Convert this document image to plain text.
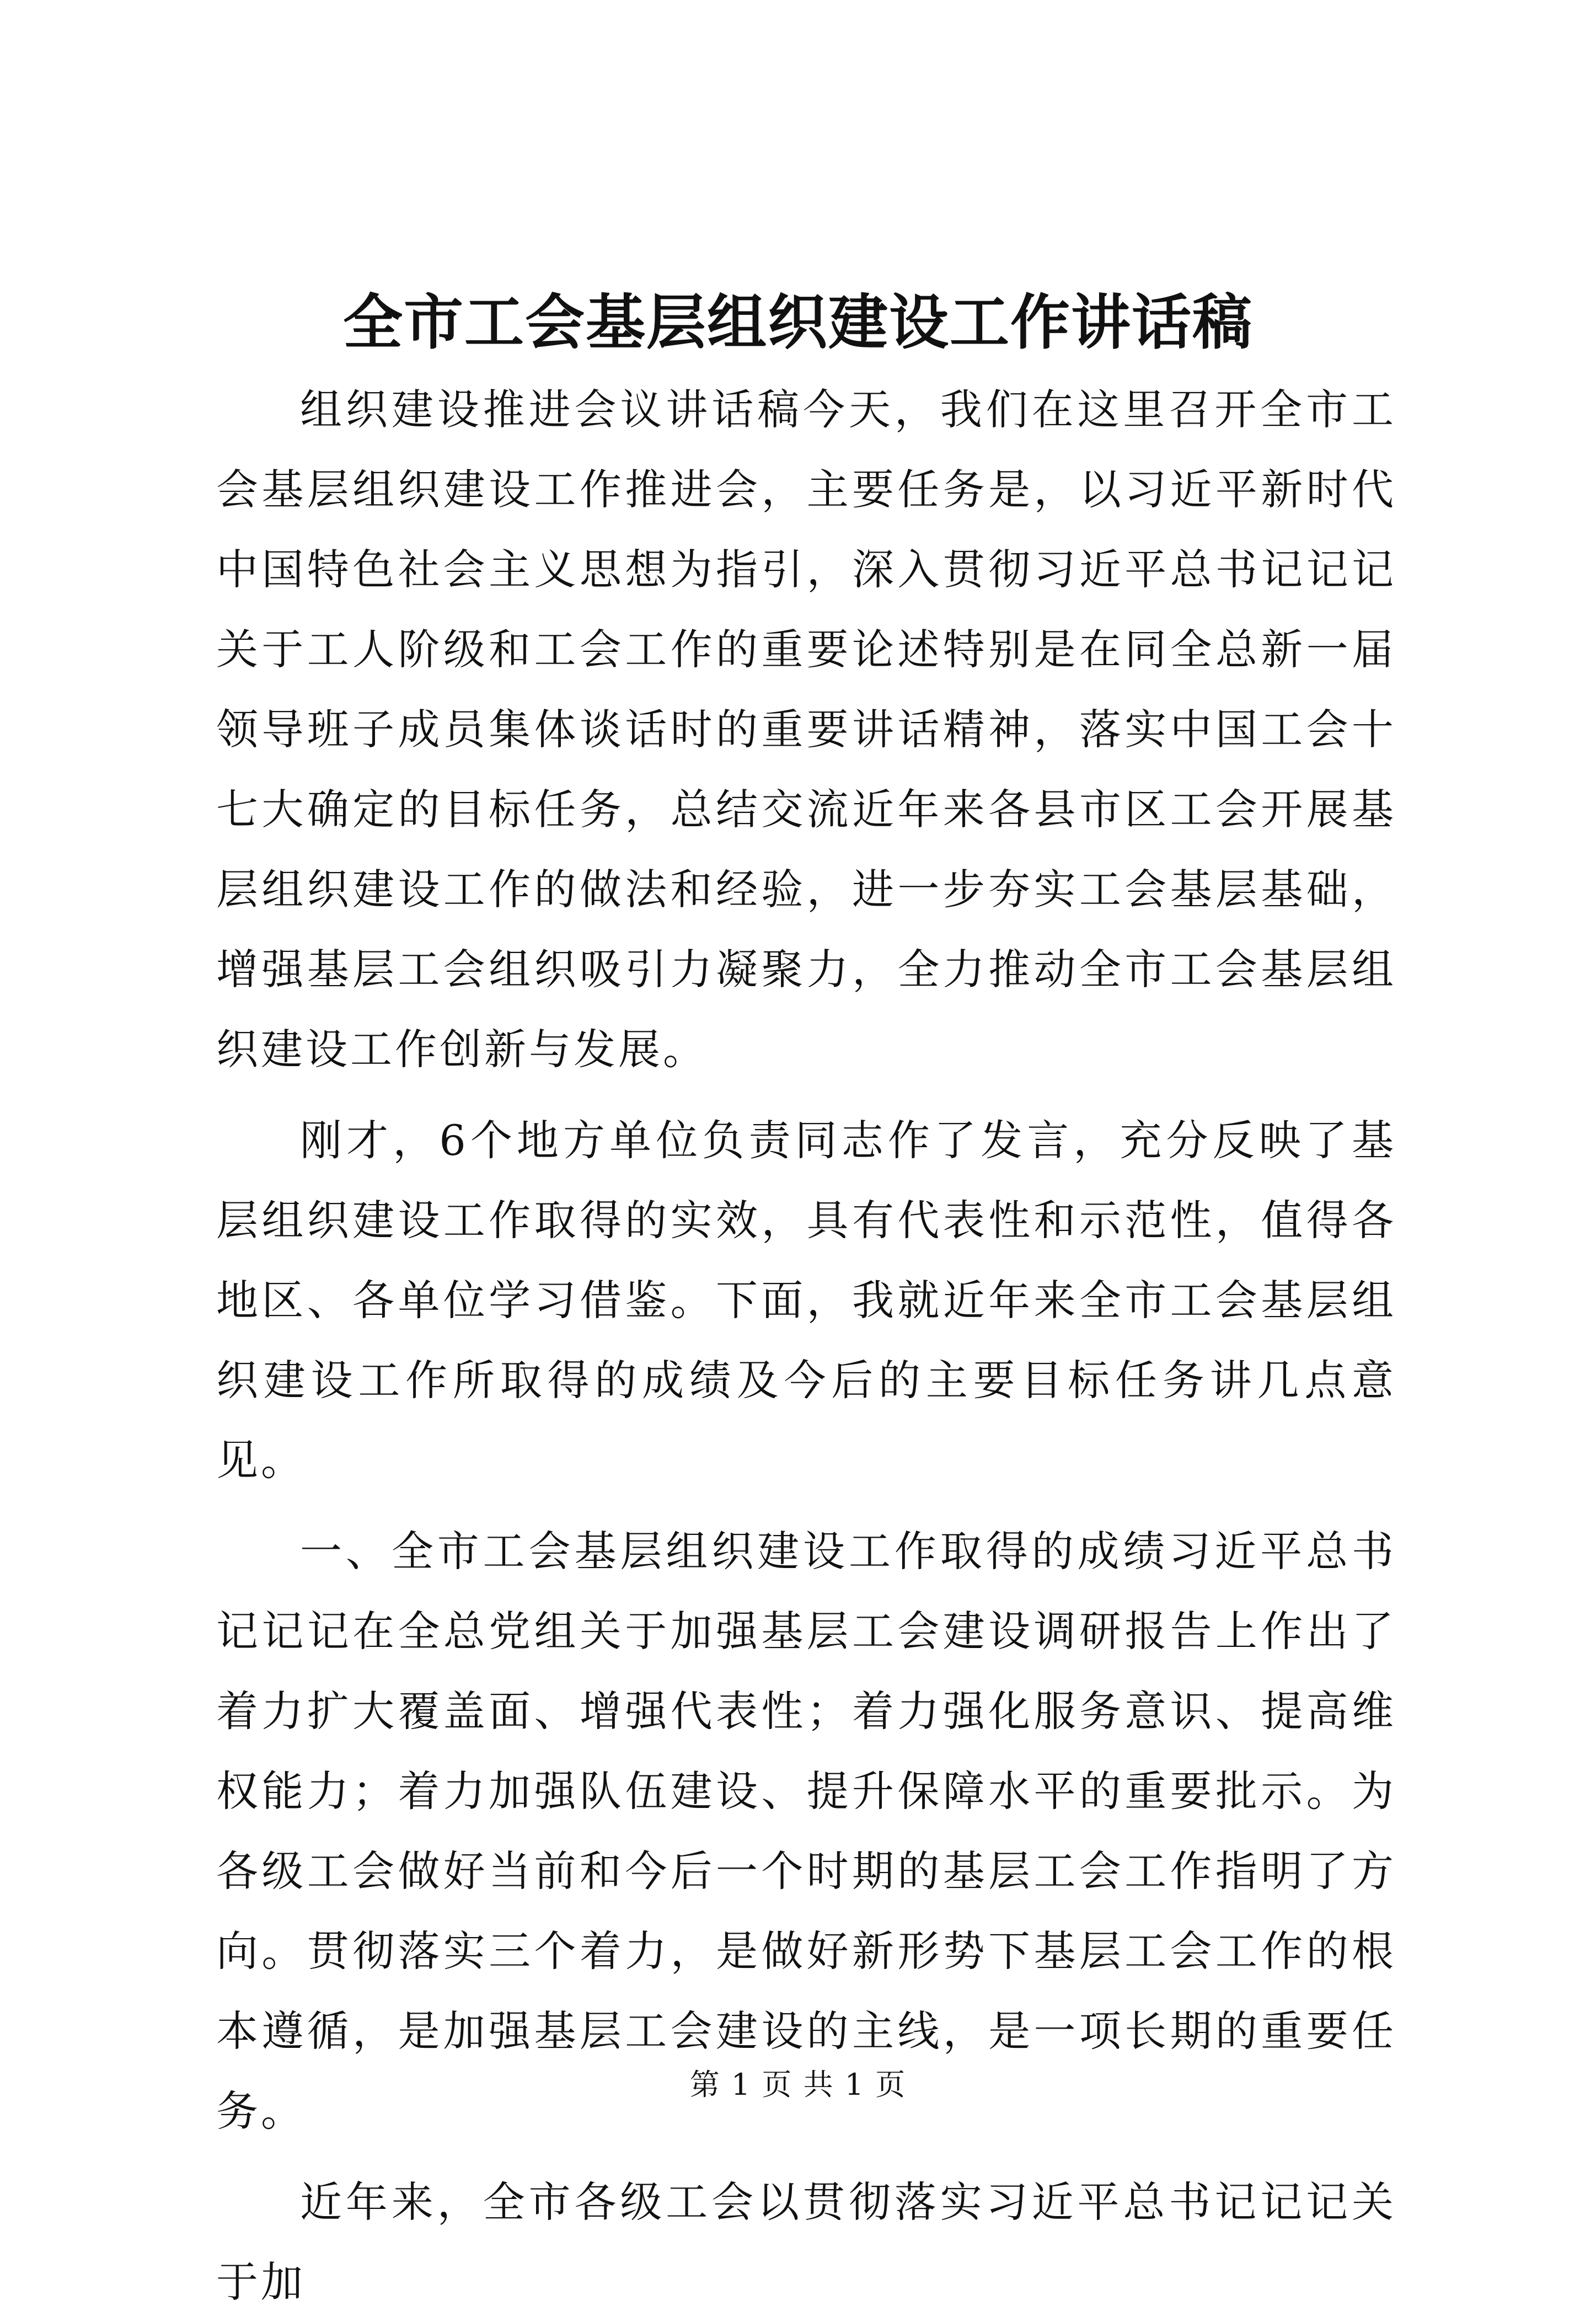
全市工会基层组织建设工作讲话稿

组织建设推进会议讲话稿今天，我们在这里召开全市工会基层组织建设工作推进会，主要任务是，以习近平新时代中国特色社会主义思想为指引，深入贯彻习近平总书记记记关于工人阶级和工会工作的重要论述特别是在同全总新一届领导班子成员集体谈话时的重要讲话精神，落实中国工会十七大确定的目标任务，总结交流近年来各县市区工会开展基层组织建设工作的做法和经验，进一步夯实工会基层基础，增强基层工会组织吸引力凝聚力，全力推动全市工会基层组织建设工作创新与发展。

刚才，6个地方单位负责同志作了发言，充分反映了基层组织建设工作取得的实效，具有代表性和示范性，值得各地区、各单位学习借鉴。下面，我就近年来全市工会基层组织建设工作所取得的成绩及今后的主要目标任务讲几点意见。

一、全市工会基层组织建设工作取得的成绩习近平总书记记记在全总党组关于加强基层工会建设调研报告上作出了着力扩大覆盖面、增强代表性；着力强化服务意识、提高维权能力；着力加强队伍建设、提升保障水平的重要批示。为各级工会做好当前和今后一个时期的基层工会工作指明了方向。贯彻落实三个着力，是做好新形势下基层工会工作的根本遵循，是加强基层工会建设的主线，是一项长期的重要任务。

近年来，全市各级工会以贯彻落实习近平总书记记记关于加

第 1 页 共 1 页
